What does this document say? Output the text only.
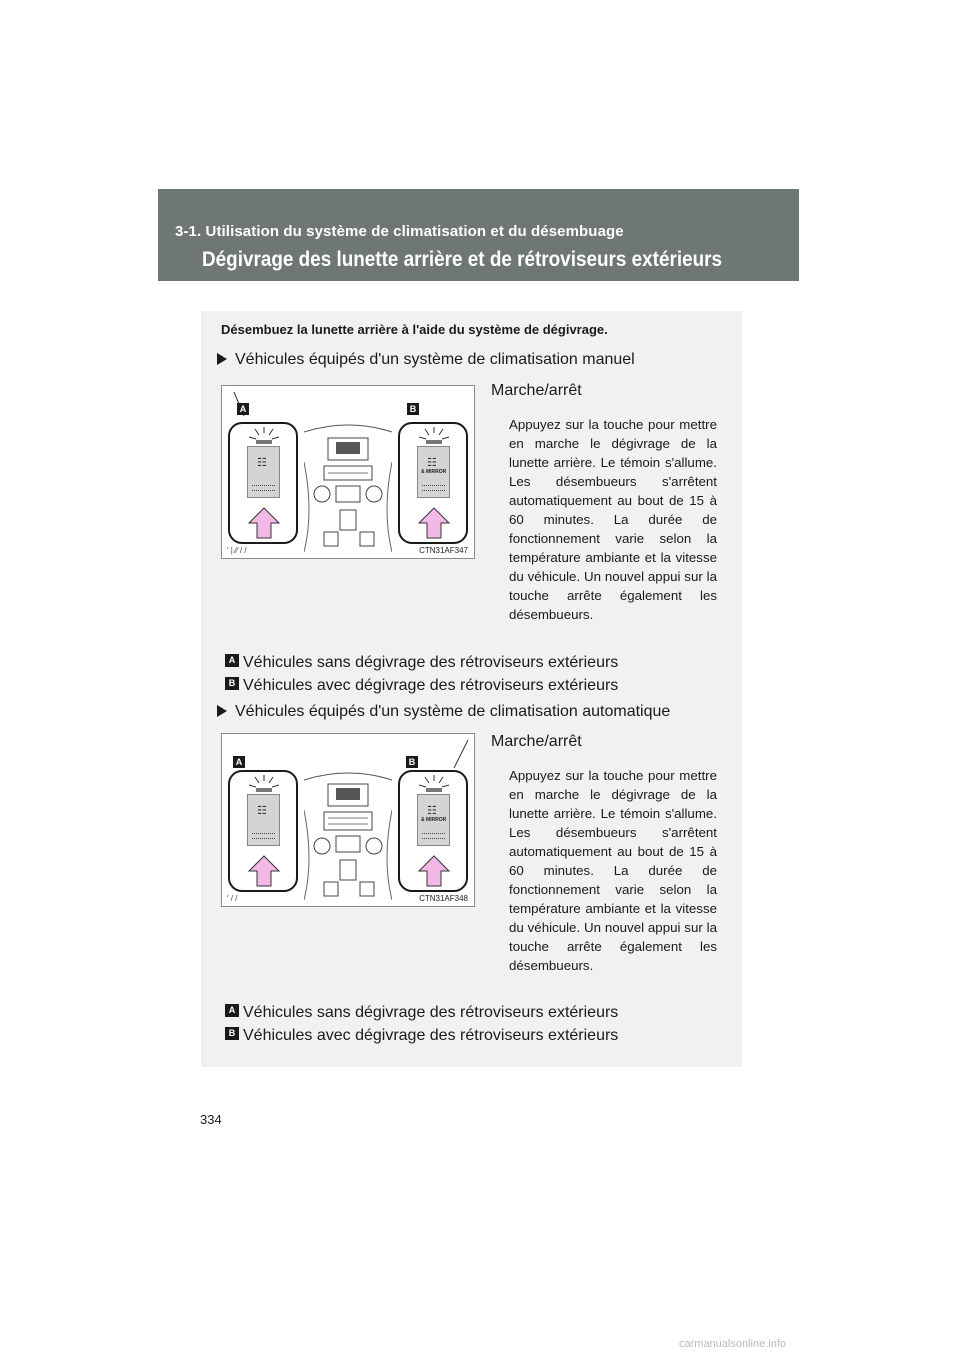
3-1. Utilisation du système de climatisation et du désembuage
Dégivrage des lunette arrière et de rétroviseurs extérieurs
Désembuez la lunette arrière à l'aide du système de dégivrage.
Véhicules équipés d'un système de climatisation manuel
A	B
☷	☷
& MIRROR
′ | ⁄⁄ / /	CTN31AF347
Marche/arrêt
Appuyez sur la touche pour mettre en marche le dégivrage de la lunette arrière. Le témoin s'allume. Les désembueurs s'arrêtent automatiquement au bout de 15 à 60 minutes. La durée de fonctionnement varie selon la température ambiante et la vitesse du véhicule. Un nouvel appui sur la touche arrête également les désembueurs.
A Véhicules sans dégivrage des rétroviseurs extérieurs
B Véhicules avec dégivrage des rétroviseurs extérieurs
Véhicules équipés d'un système de climatisation automatique
A	B
☷	☷
& MIRROR
′ / /	CTN31AF348
Marche/arrêt
Appuyez sur la touche pour mettre en marche le dégivrage de la lunette arrière. Le témoin s'allume. Les désembueurs s'arrêtent automatiquement au bout de 15 à 60 minutes. La durée de fonctionnement varie selon la température ambiante et la vitesse du véhicule. Un nouvel appui sur la touche arrête également les désembueurs.
A Véhicules sans dégivrage des rétroviseurs extérieurs
B Véhicules avec dégivrage des rétroviseurs extérieurs
334
carmanualsonline.info
